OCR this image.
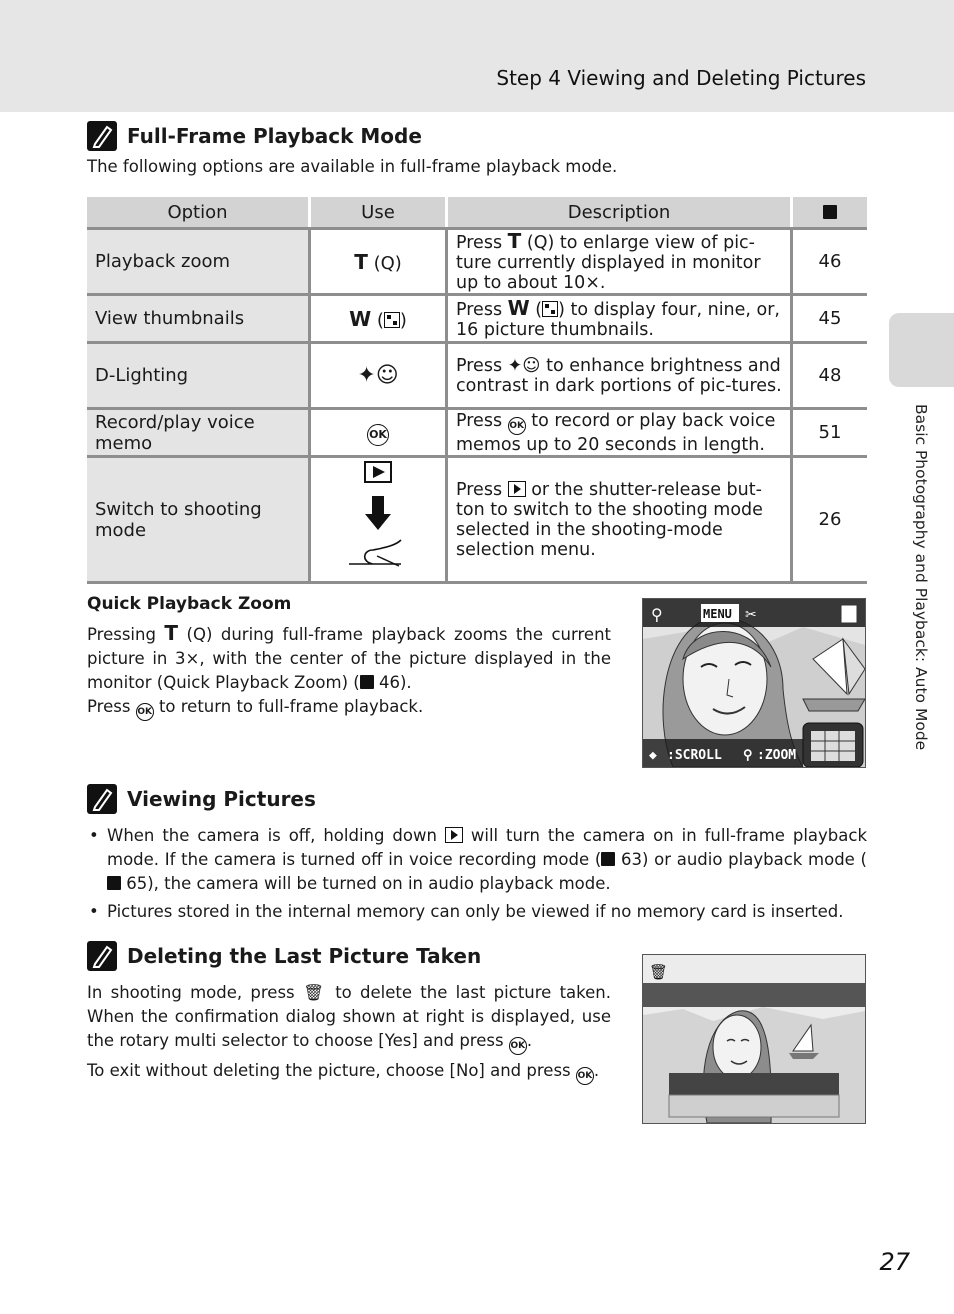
Step 4 Viewing and Deleting Pictures
Basic Photography and Playback: Auto Mode
Full-Frame Playback Mode
The following options are available in full-frame playback mode.
Option	Use	Description	
Playback zoom	T (Q)	Press T (Q) to enlarge view of pic-ture currently displayed in monitor up to about 10×.	46
View thumbnails	W ( )	Press W ( ) to display four, nine, or, 16 picture thumbnails.	45
D-Lighting	✦☺	Press ✦☺ to enhance brightness and contrast in dark portions of pic-tures.	48
Record/play voice memo	OK	Press OK to record or play back voice memos up to 20 seconds in length.	51
Switch to shooting mode		Press or the shutter-release but-ton to switch to the shooting mode selected in the shooting-mode selection menu.	26
Quick Playback Zoom

Pressing T (Q) during full-frame playback zooms the current picture in 3×, with the center of the picture displayed in the monitor (Quick Playback Zoom) ( 46).

Press OK to return to full-frame playback.

⚲	MENU ✂
◆ :SCROLL ⚲ :ZOOM
Viewing Pictures
• When the camera is off, holding down will turn the camera on in full-frame playback mode. If the camera is turned off in voice recording mode ( 63) or audio playback mode ( 65), the camera will be turned on in audio playback mode.
• Pictures stored in the internal memory can only be viewed if no memory card is inserted.
Deleting the Last Picture Taken

In shooting mode, press 🗑 to delete the last picture taken. When the confirmation dialog shown at right is displayed, use the rotary multi selector to choose [Yes] and press OK .

To exit without deleting the picture, choose [No] and press OK .

🗑
27
